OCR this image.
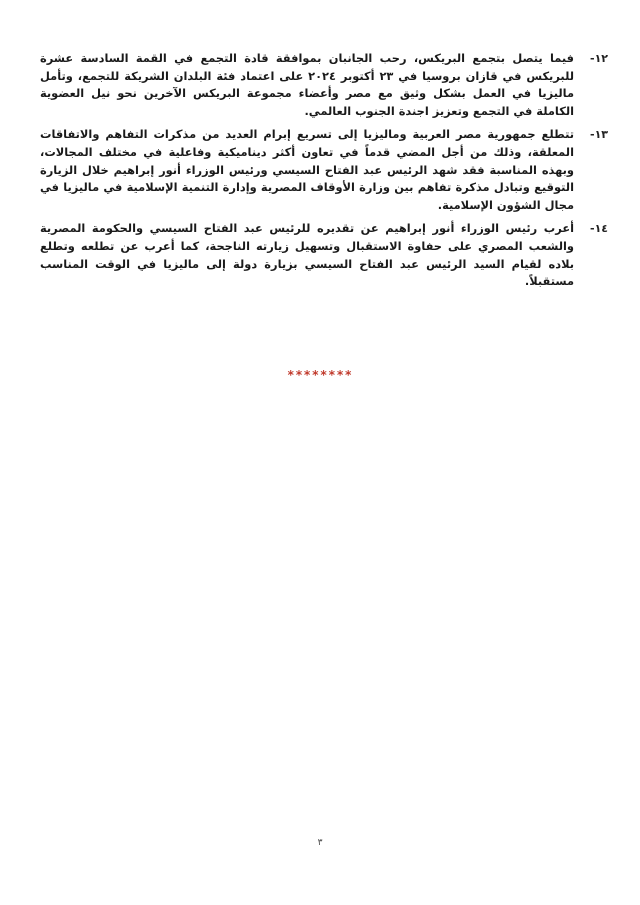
١٢-
فيما يتصل بتجمع البريكس، رحب الجانبان بموافقة قادة التجمع في القمة السادسة عشرة للبريكس في قازان بروسيا في ٢٣ أكتوبر ٢٠٢٤ على اعتماد فئة البلدان الشريكة للتجمع، وتأمل ماليزيا في العمل بشكل وثيق مع مصر وأعضاء مجموعة البريكس الآخرين نحو نيل العضوية الكاملة في التجمع وتعزيز اجندة الجنوب العالمي.
١٣-
تتطلع جمهورية مصر العربية وماليزيا إلى تسريع إبرام العديد من مذكرات التفاهم والاتفاقات المعلقة، وذلك من أجل المضي قدماً في تعاون أكثر ديناميكية وفاعلية في مختلف المجالات، وبهذه المناسبة فقد شهد الرئيس عبد الفتاح السيسي ورئيس الوزراء أنور إبراهيم خلال الزيارة التوقيع وتبادل مذكرة تفاهم بين وزارة الأوقاف المصرية وإدارة التنمية الإسلامية في ماليزيا في مجال الشؤون الإسلامية.
١٤-
أعرب رئيس الوزراء أنور إبراهيم عن تقديره للرئيس عبد الفتاح السيسي والحكومة المصرية والشعب المصري على حفاوة الاستقبال وتسهيل زيارته الناجحة، كما أعرب عن تطلعه وتطلع بلاده لقيام السيد الرئيس عبد الفتاح السيسي بزيارة دولة إلى ماليزيا في الوقت المناسب مستقبلاً.
********
٣
